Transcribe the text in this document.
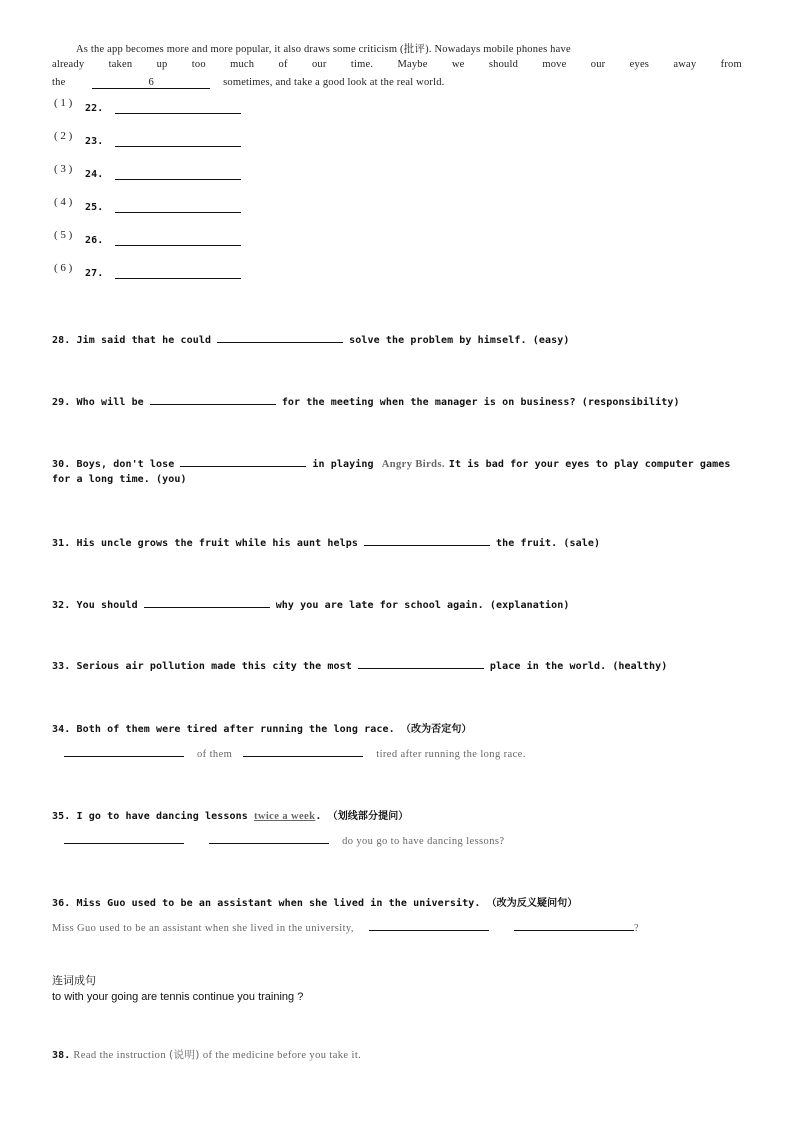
As the app becomes more and more popular, it also draws some criticism (批评). Nowadays mobile phones have
already taken up too much of our time. Maybe we should move our eyes away from
the	6	sometimes, and take a good look at the real world.
( 1 ) 22.
( 2 ) 23.
( 3 ) 24.
( 4 ) 25.
( 5 ) 26.
( 6 ) 27.
28. Jim said that he could	solve the problem by himself. (easy)
29. Who will be	for the meeting when the manager is on business? (responsibility)
30. Boys, don't lose	in playing Angry Birds. It is bad for your eyes to play computer games
for a long time. (you)
31. His uncle grows the fruit while his aunt helps	the fruit. (sale)
32. You should	why you are late for school again. (explanation)
33. Serious air pollution made this city the most	place in the world. (healthy)
34. Both of them were tired after running the long race. （改为否定句）
of them	tired after running the long race.
35. I go to have dancing lessons twice a week. （划线部分提问）
do you go to have dancing lessons?
36. Miss Guo used to be an assistant when she lived in the university. （改为反义疑问句）
Miss Guo used to be an assistant when she lived in the university,	?
连词成句
to with your going are tennis continue you training ?
38. Read the instruction (说明) of the medicine before you take it.
